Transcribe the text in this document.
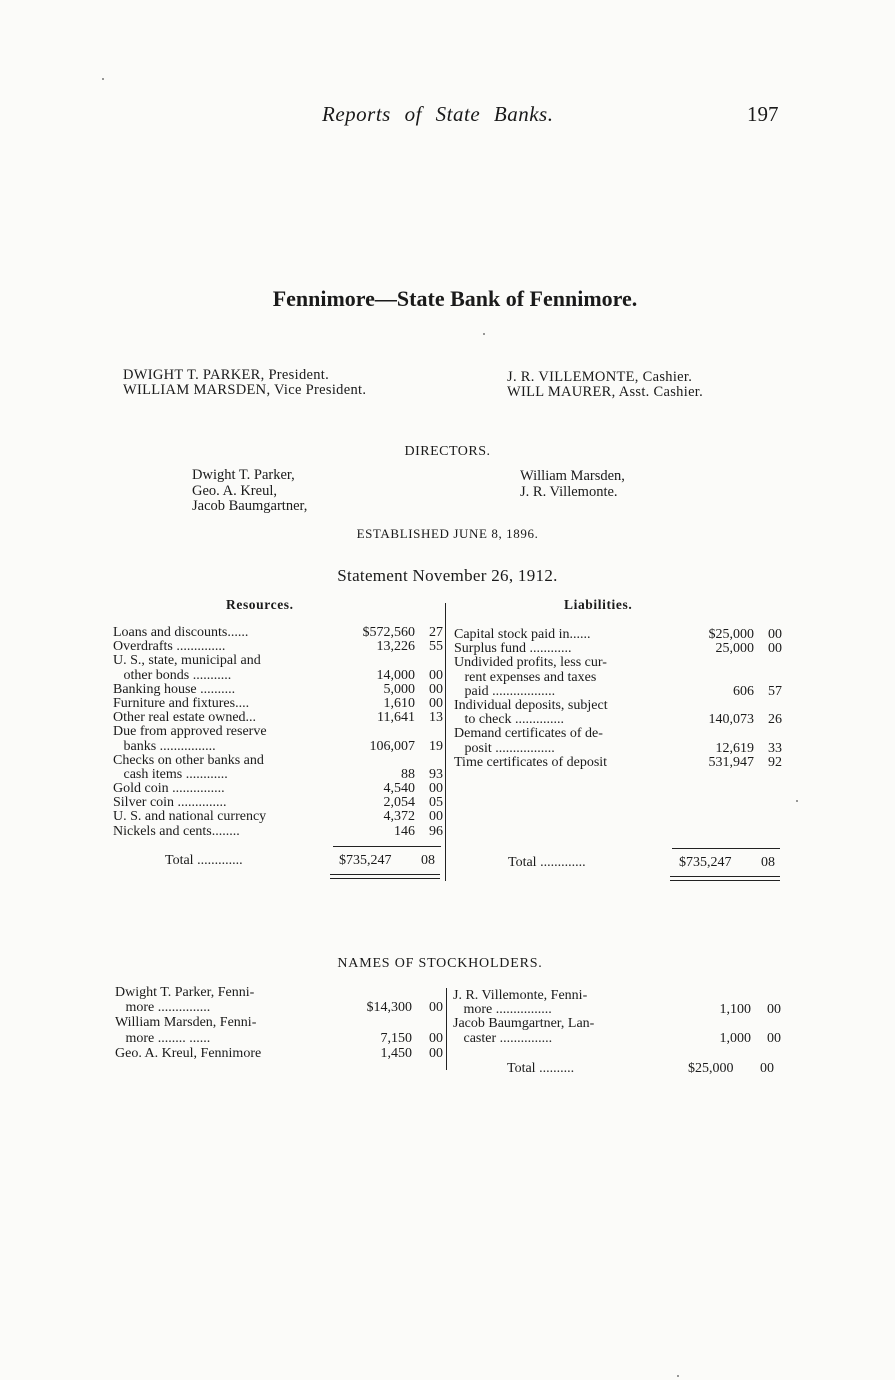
Reports of State Banks.	197
Fennimore—State Bank of Fennimore.
DWIGHT T. PARKER, President.
WILLIAM MARSDEN, Vice President.
J. R. VILLEMONTE, Cashier.
WILL MAURER, Asst. Cashier.
DIRECTORS.
Dwight T. Parker,
Geo. A. Kreul,
Jacob Baumgartner,
William Marsden,
J. R. Villemonte.
ESTABLISHED JUNE 8, 1896.
Statement November 26, 1912.
Resources.	Liabilities.
Loans and discounts......	$572,560 27
Overdrafts ..............	13,226 55
U. S., state, municipal and
other bonds ...........	14,000 00
Banking house ..........	5,000 00
Furniture and fixtures....	1,610 00
Other real estate owned...	11,641 13
Due from approved reserve
banks ................	106,007 19
Checks on other banks and
cash items ............	88 93
Gold coin ...............	4,540 00
Silver coin ..............	2,054 05
U. S. and national currency	4,372 00
Nickels and cents........	146 96
Capital stock paid in......	$25,000 00
Surplus fund ............	25,000 00
Undivided profits, less cur-
rent expenses and taxes
paid ..................	606 57
Individual deposits, subject
to check ..............	140,073 26
Demand certificates of de-
posit .................	12,619 33
Time certificates of deposit	531,947 92
Total .............	$735,247 08	Total .............	$735,247 08
NAMES OF STOCKHOLDERS.
Dwight T. Parker, Fenni-
more ...............	$14,300 00
William Marsden, Fenni-
more ........ ......	7,150 00
Geo. A. Kreul, Fennimore	1,450 00
J. R. Villemonte, Fenni-
more ................	1,100 00
Jacob Baumgartner, Lan-
caster ...............	1,000 00
Total ..........	$25,000 00
